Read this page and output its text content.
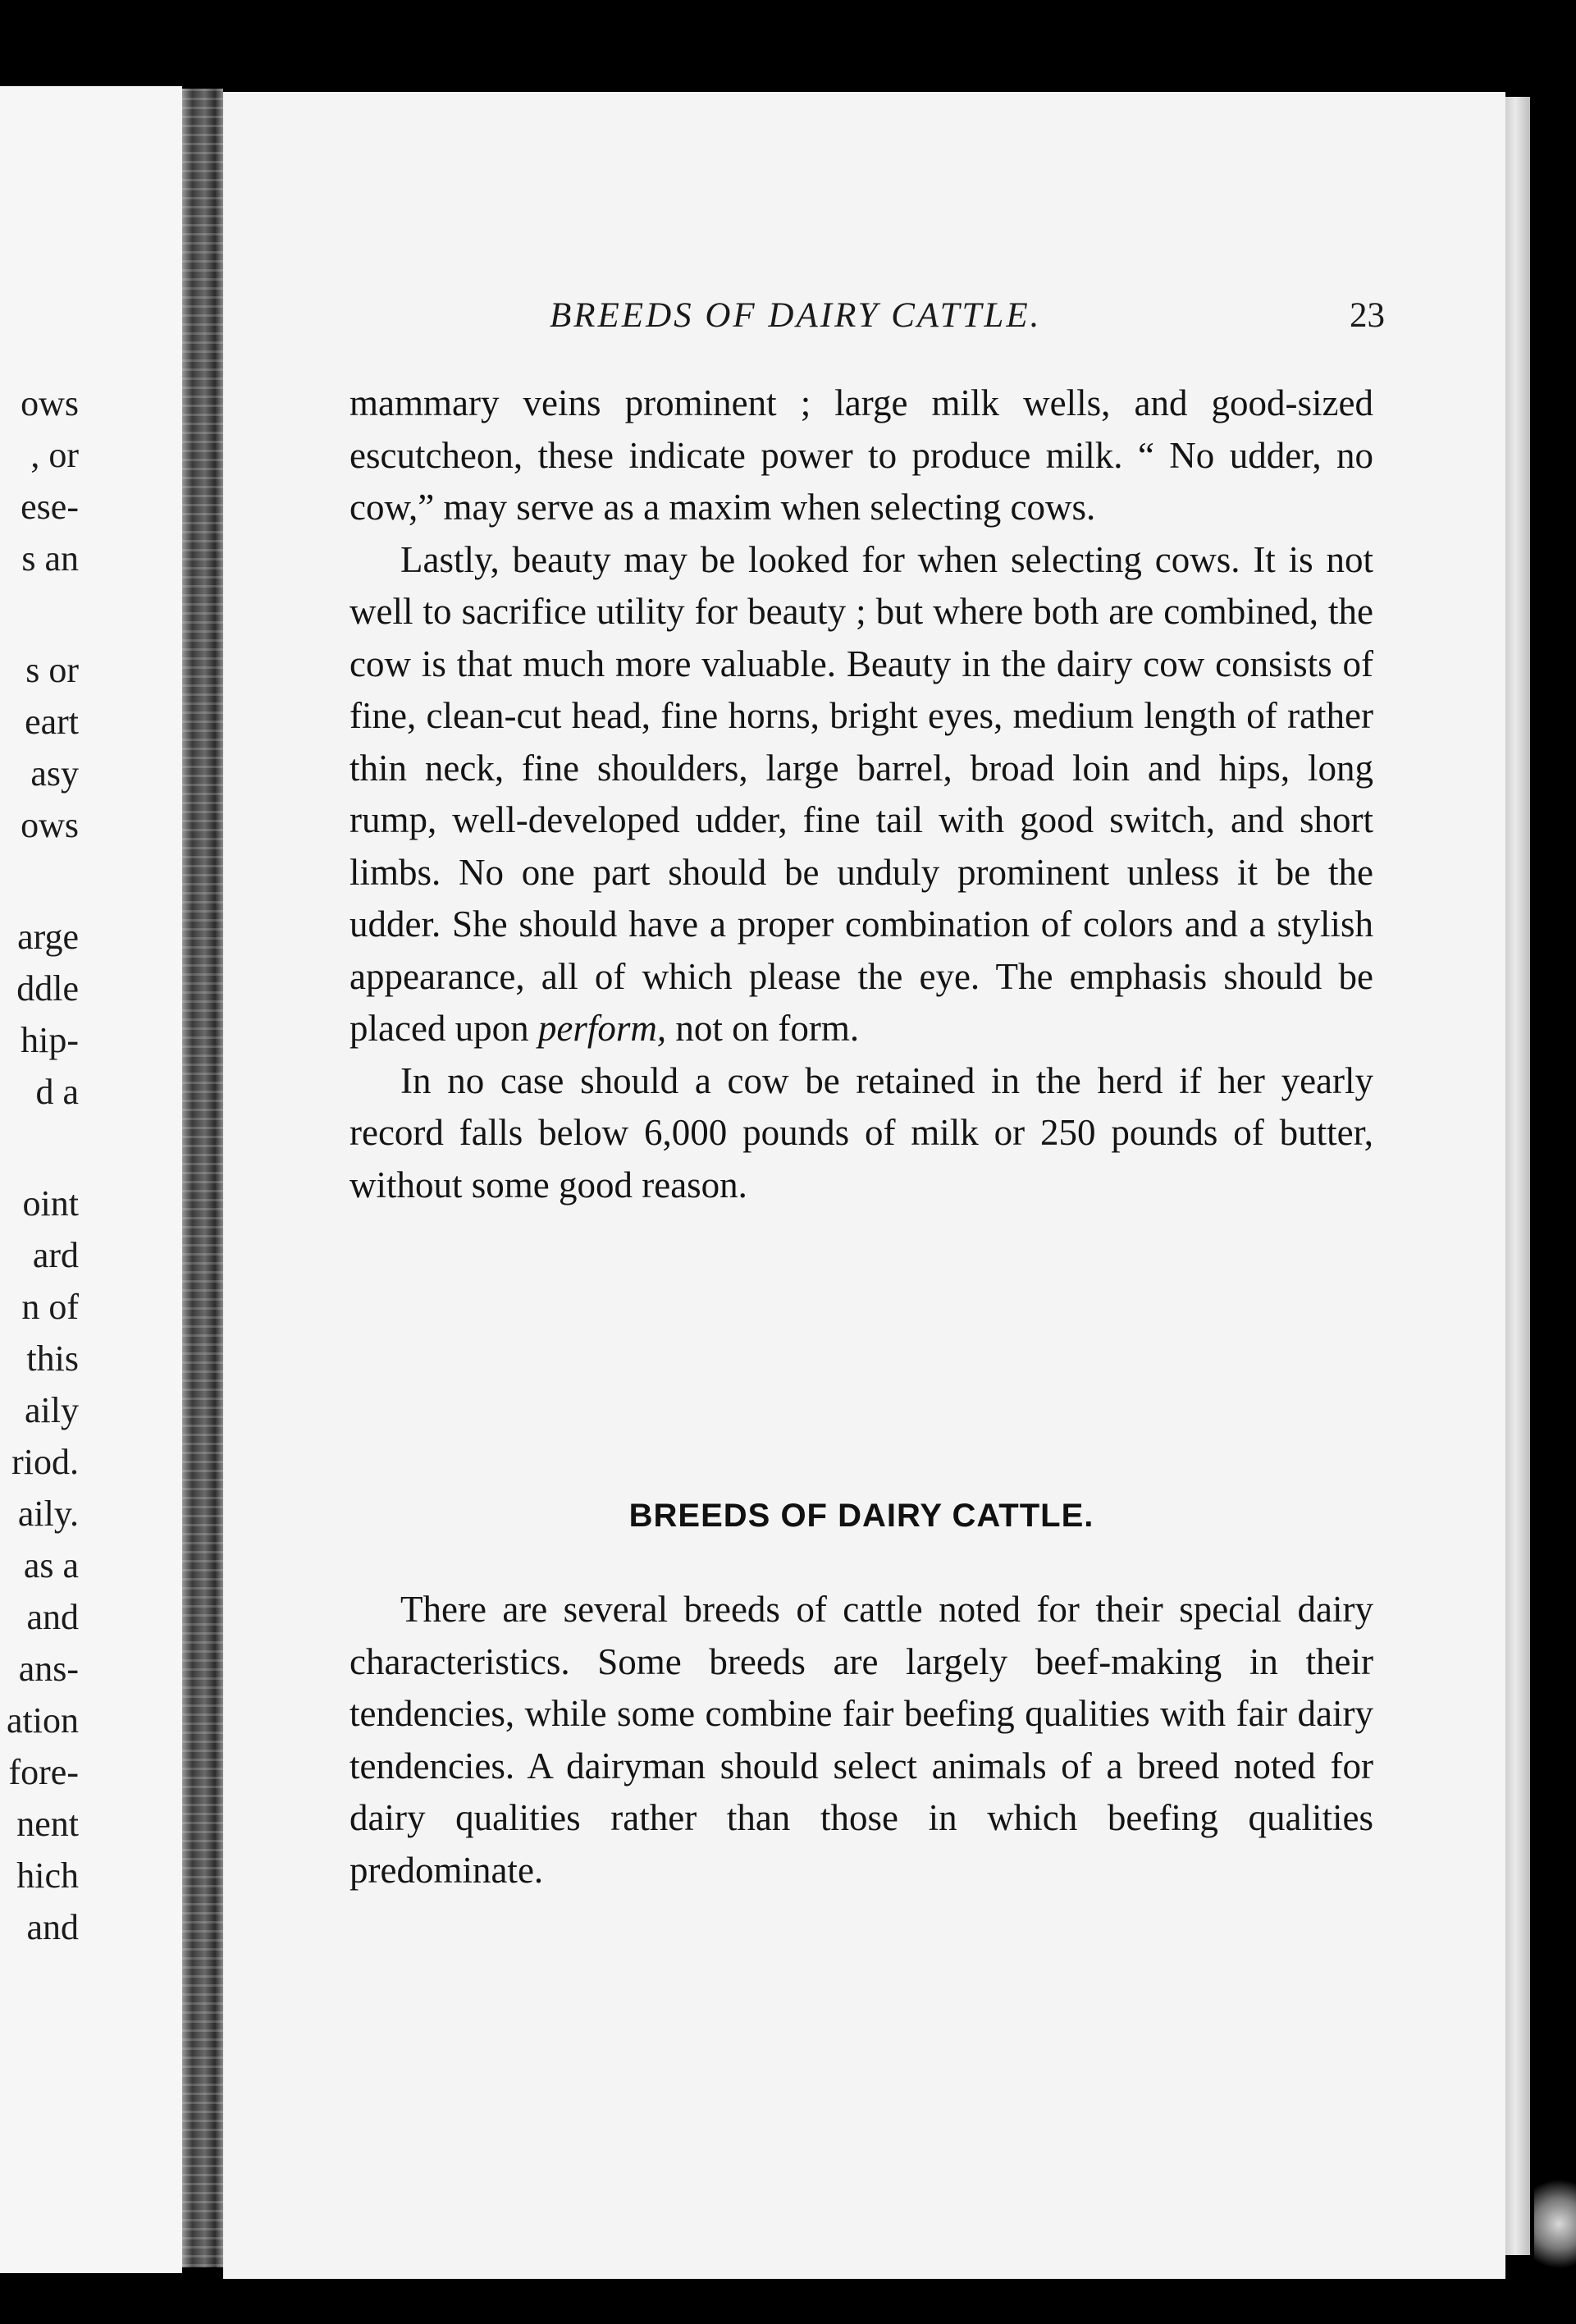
ows
, or
ese-
s an
s or
eart
asy
ows
arge
ddle
hip-
d a
oint
ard
n of
this
aily
riod.
aily.
as a
and
ans-
ation
fore-
nent
hich
and
BREEDS OF DAIRY CATTLE.	23

mammary veins prominent ; large milk wells, and good-sized escutcheon, these indicate power to produce milk. “ No udder, no cow,” may serve as a maxim when selecting cows.

Lastly, beauty may be looked for when selecting cows. It is not well to sacrifice utility for beauty ; but where both are combined, the cow is that much more valuable. Beauty in the dairy cow consists of fine, clean-cut head, fine horns, bright eyes, medium length of rather thin neck, fine shoulders, large barrel, broad loin and hips, long rump, well-developed udder, fine tail with good switch, and short limbs. No one part should be unduly prominent unless it be the udder. She should have a proper combination of colors and a stylish appearance, all of which please the eye. The emphasis should be placed upon perform, not on form.

In no case should a cow be retained in the herd if her yearly record falls below 6,000 pounds of milk or 250 pounds of butter, without some good reason.

BREEDS OF DAIRY CATTLE.

There are several breeds of cattle noted for their special dairy characteristics. Some breeds are largely beef-making in their tendencies, while some combine fair beefing qualities with fair dairy tendencies. A dairyman should select animals of a breed noted for dairy qualities rather than those in which beefing qualities predominate.
